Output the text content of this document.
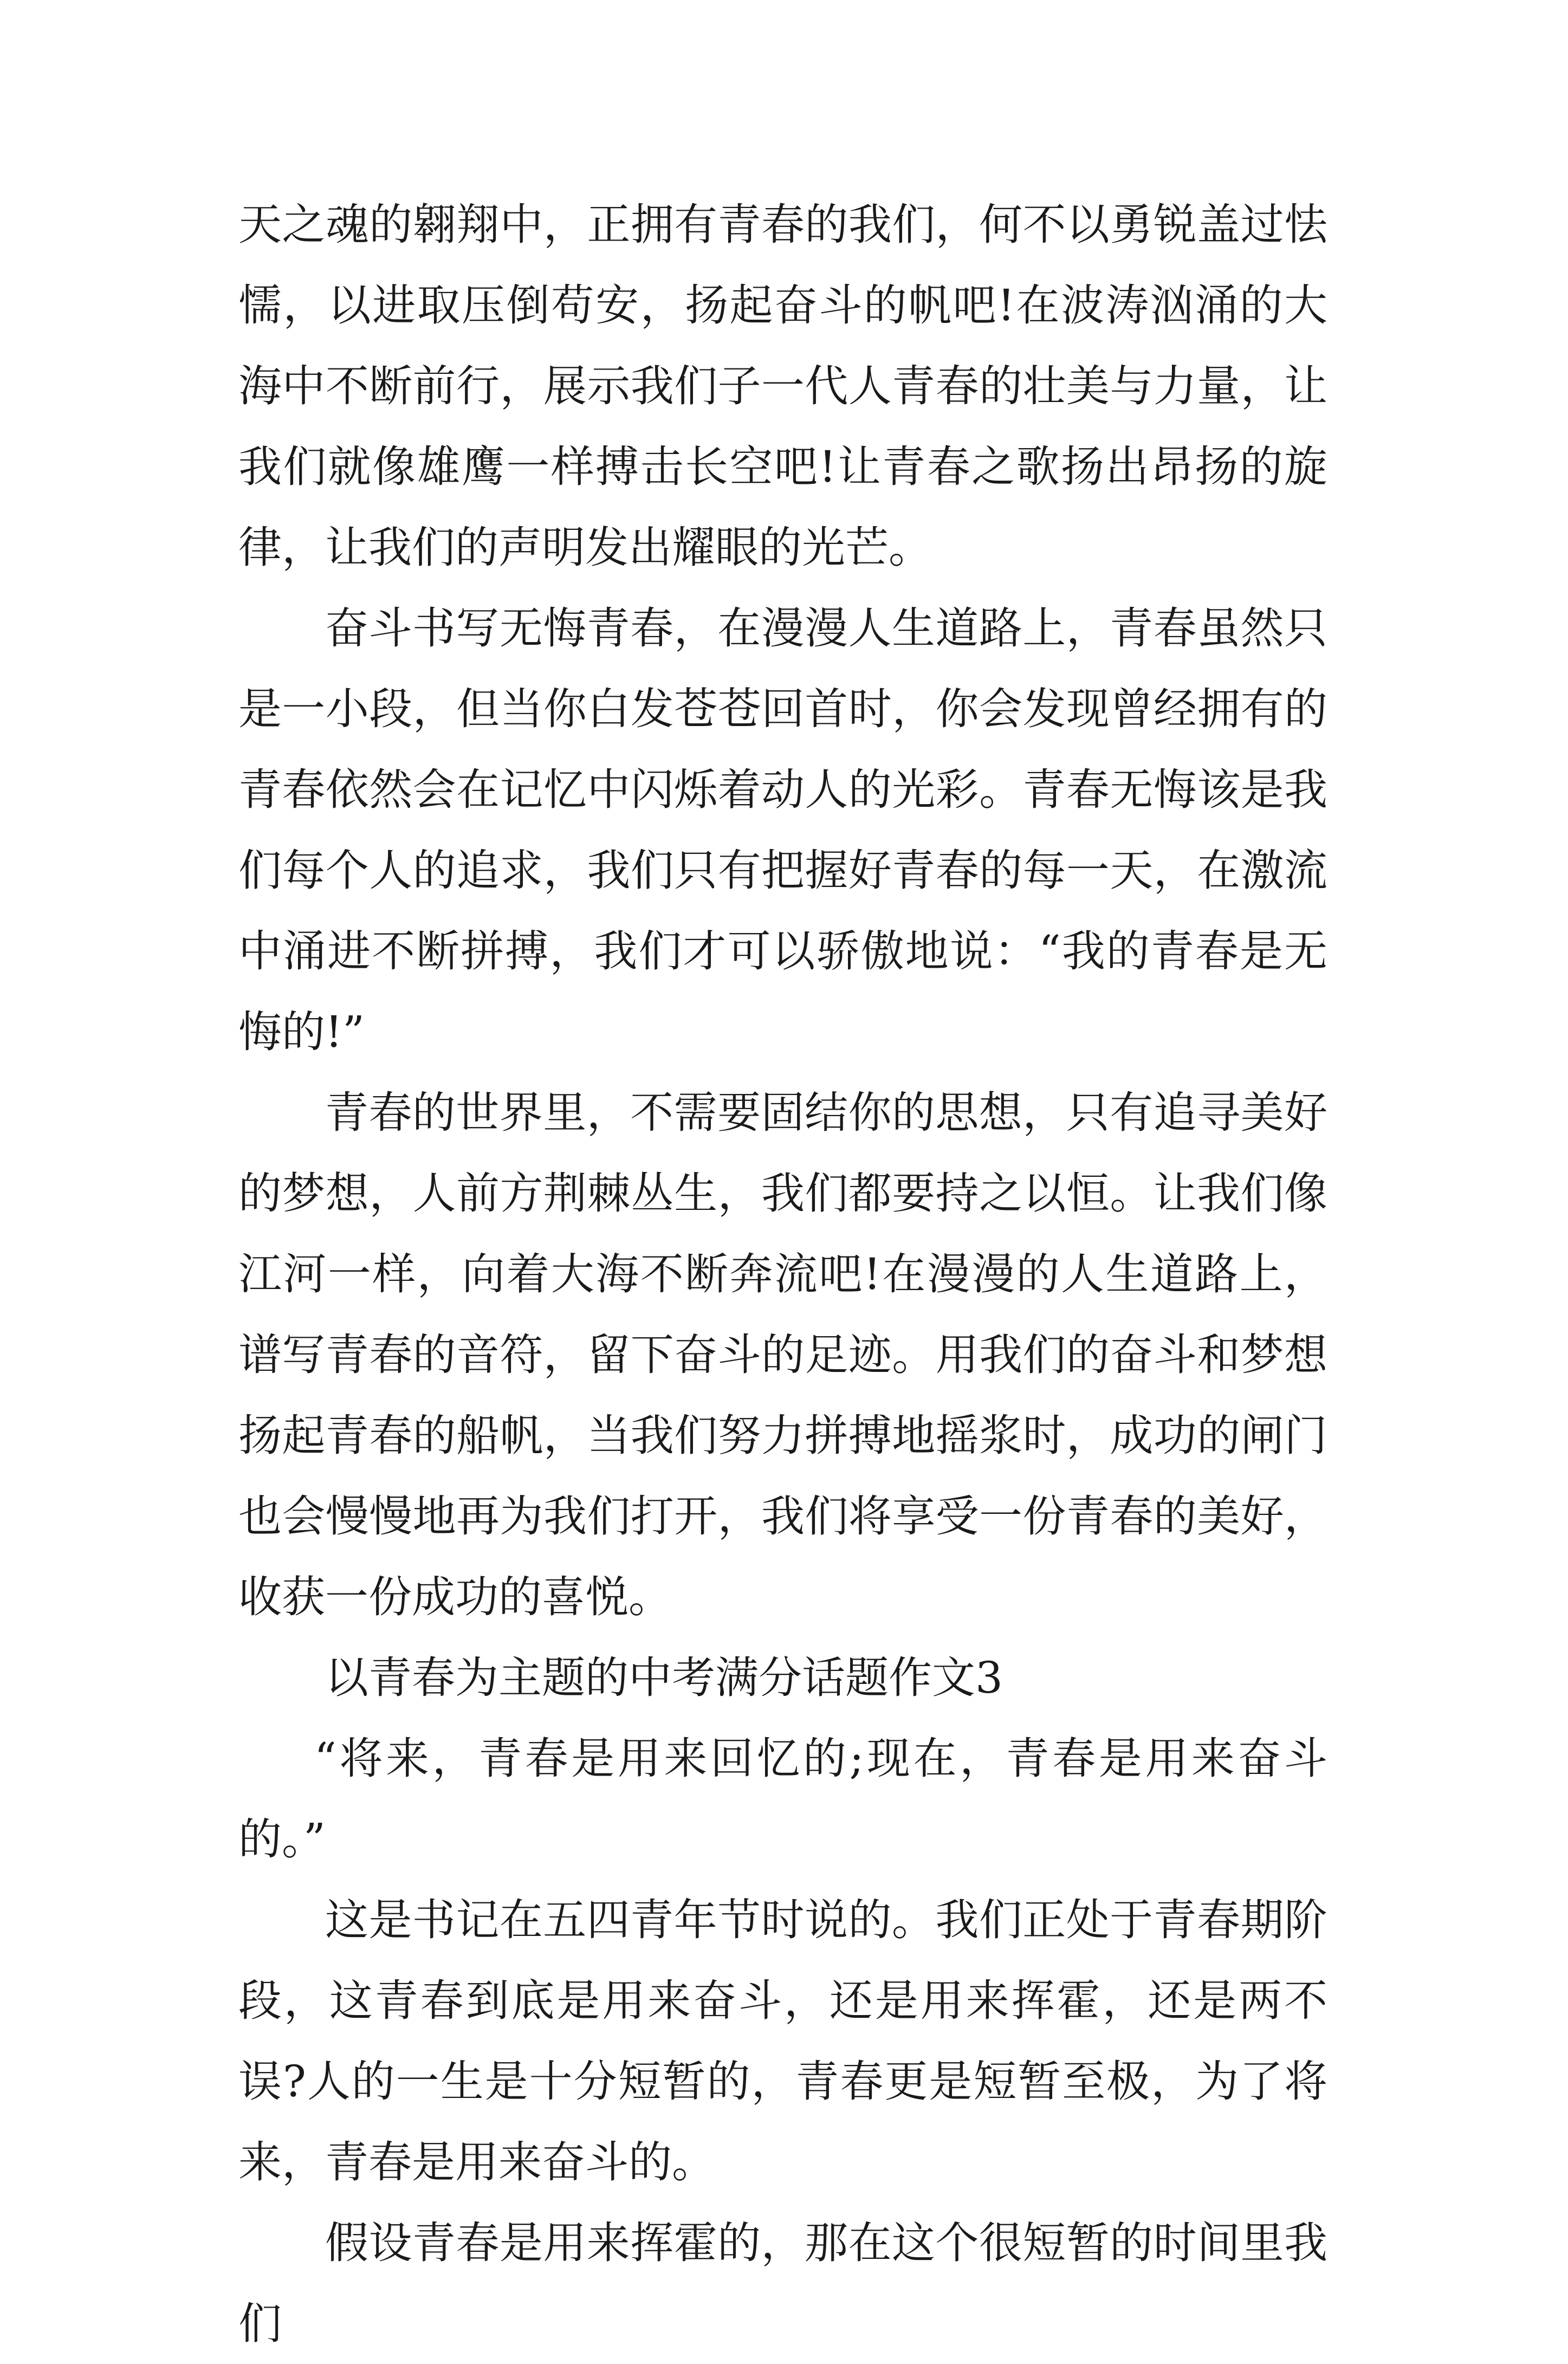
天之魂的翱翔中，正拥有青春的我们，何不以勇锐盖过怯懦，以进取压倒苟安，扬起奋斗的帆吧!在波涛汹涌的大海中不断前行，展示我们子一代人青春的壮美与力量，让我们就像雄鹰一样搏击长空吧!让青春之歌扬出昂扬的旋律，让我们的声明发出耀眼的光芒。

奋斗书写无悔青春，在漫漫人生道路上，青春虽然只是一小段，但当你白发苍苍回首时，你会发现曾经拥有的青春依然会在记忆中闪烁着动人的光彩。青春无悔该是我们每个人的追求，我们只有把握好青春的每一天，在激流中涌进不断拼搏，我们才可以骄傲地说：“我的青春是无悔的!”

青春的世界里，不需要固结你的思想，只有追寻美好的梦想，人前方荆棘丛生，我们都要持之以恒。让我们像江河一样，向着大海不断奔流吧!在漫漫的人生道路上，谱写青春的音符，留下奋斗的足迹。用我们的奋斗和梦想扬起青春的船帆，当我们努力拼搏地摇浆时，成功的闸门也会慢慢地再为我们打开，我们将享受一份青春的美好，收获一份成功的喜悦。

以青春为主题的中考满分话题作文3

“将来，青春是用来回忆的;现在，青春是用来奋斗的。”

这是书记在五四青年节时说的。我们正处于青春期阶段，这青春到底是用来奋斗，还是用来挥霍，还是两不误?人的一生是十分短暂的，青春更是短暂至极，为了将来，青春是用来奋斗的。

假设青春是用来挥霍的，那在这个很短暂的时间里我们
